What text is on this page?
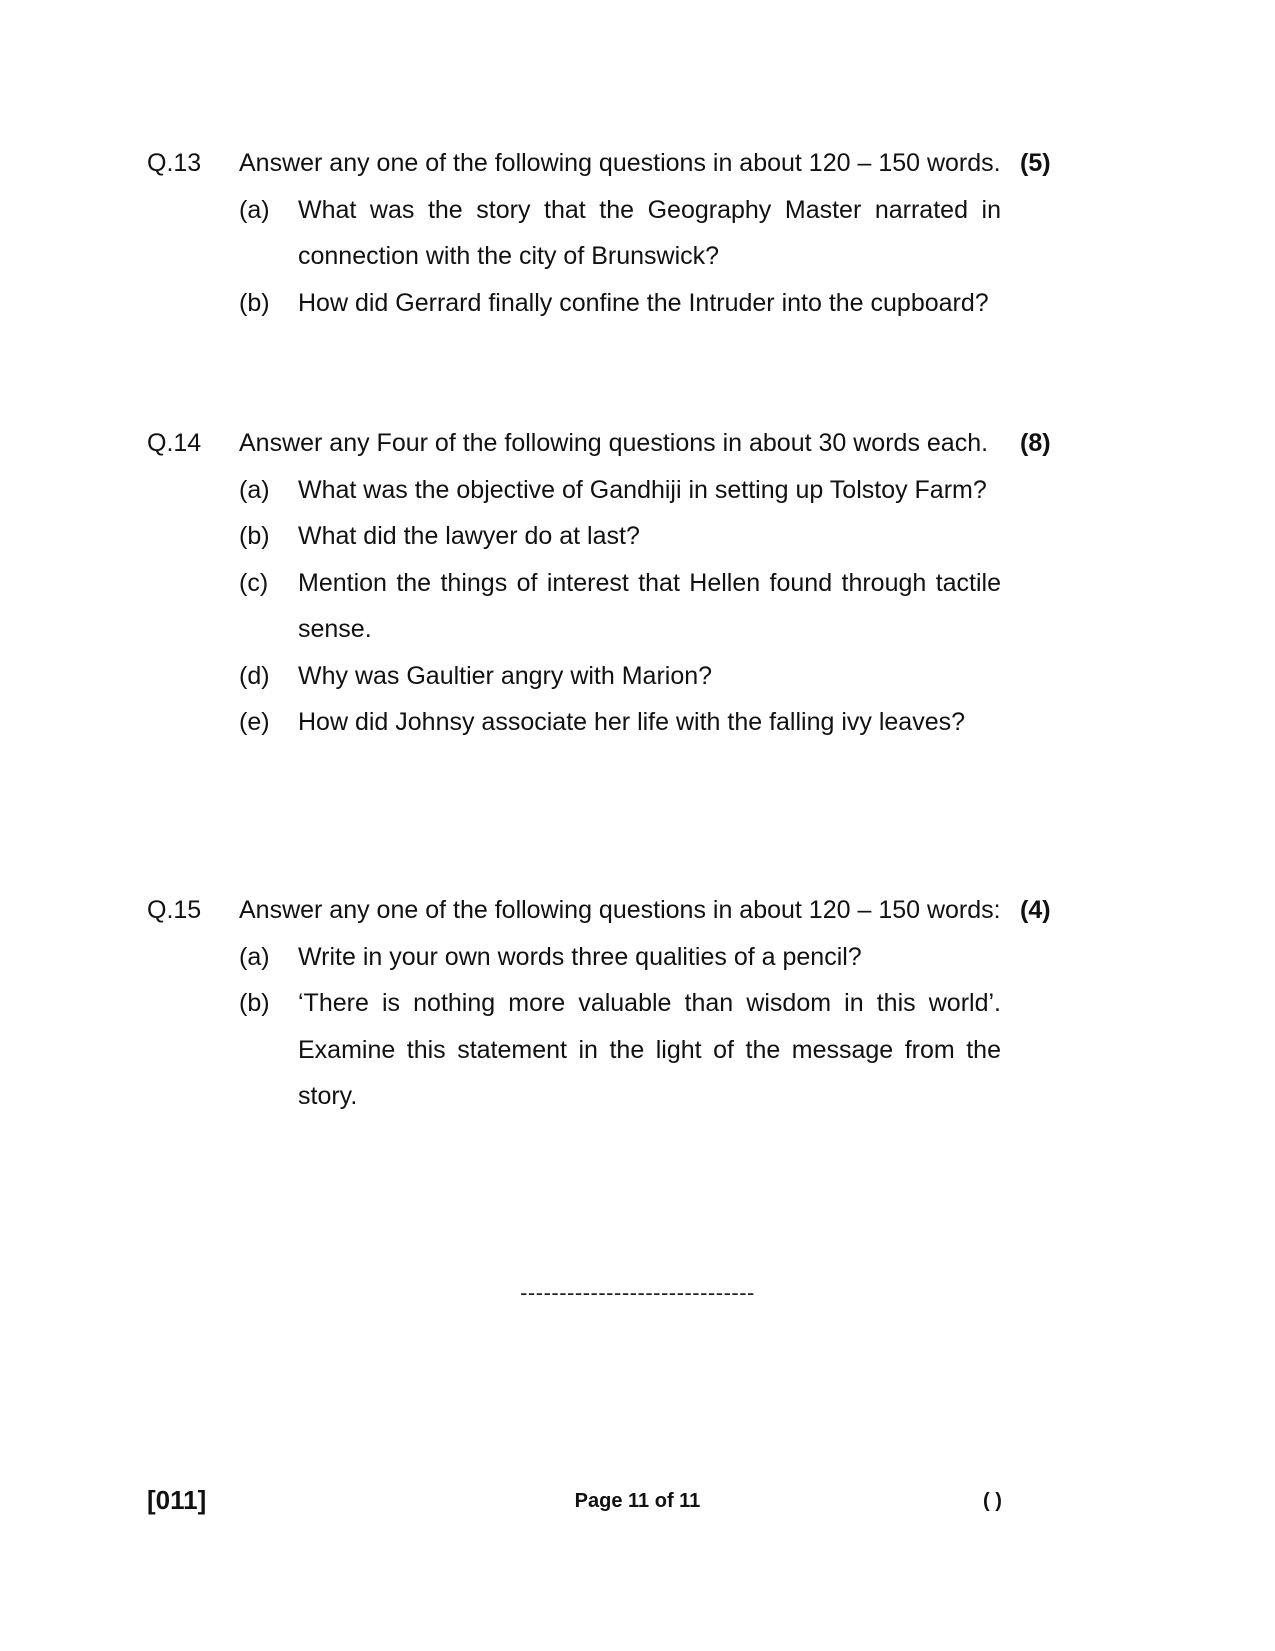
Q.13	(5)
Answer any one of the following questions in about 120 – 150 words.
(a)	What was the story that the Geography Master narrated in connection with the city of Brunswick?
(b)	How did Gerrard finally confine the Intruder into the cupboard?
Q.14	(8)
Answer any Four of the following questions in about 30 words each.
(a)	What was the objective of Gandhiji in setting up Tolstoy Farm?
(b)	What did the lawyer do at last?
(c)	Mention the things of interest that Hellen found through tactile sense.
(d)	Why was Gaultier angry with Marion?
(e)	How did Johnsy associate her life with the falling ivy leaves?
Q.15	(4)
Answer any one of the following questions in about 120 – 150 words:
(a)	Write in your own words three qualities of a pencil?
(b)	‘There is nothing more valuable than wisdom in this world’. Examine this statement in the light of the message from the story.
------------------------------
[011]	Page 11 of 11	( )
